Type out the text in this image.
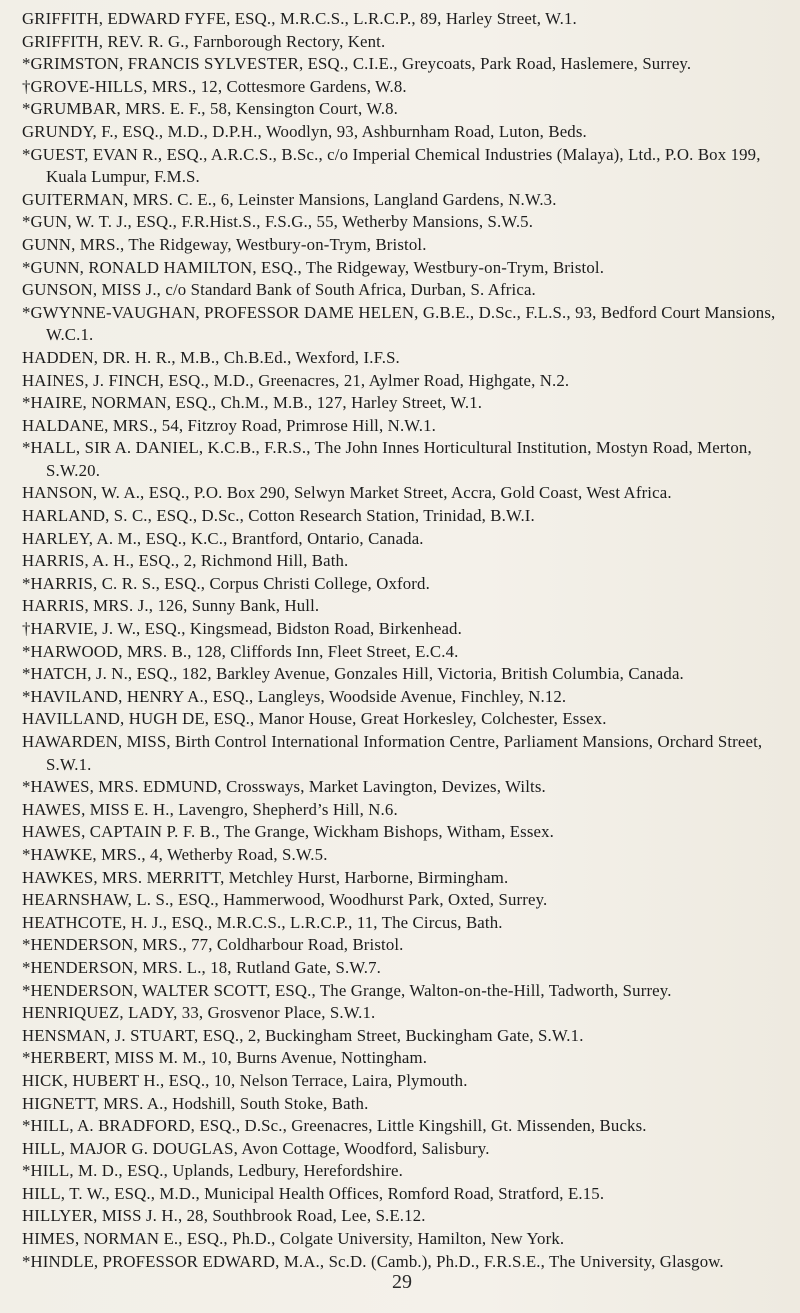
GRIFFITH, EDWARD FYFE, ESQ., M.R.C.S., L.R.C.P., 89, Harley Street, W.1.

GRIFFITH, REV. R. G., Farnborough Rectory, Kent.

*GRIMSTON, FRANCIS SYLVESTER, ESQ., C.I.E., Greycoats, Park Road, Haslemere, Surrey.

†GROVE-HILLS, MRS., 12, Cottesmore Gardens, W.8.

*GRUMBAR, MRS. E. F., 58, Kensington Court, W.8.

GRUNDY, F., ESQ., M.D., D.P.H., Woodlyn, 93, Ashburnham Road, Luton, Beds.

*GUEST, EVAN R., ESQ., A.R.C.S., B.Sc., c/o Imperial Chemical Industries (Malaya), Ltd., P.O. Box 199, Kuala Lumpur, F.M.S.

GUITERMAN, MRS. C. E., 6, Leinster Mansions, Langland Gardens, N.W.3.

*GUN, W. T. J., ESQ., F.R.Hist.S., F.S.G., 55, Wetherby Mansions, S.W.5.

GUNN, MRS., The Ridgeway, Westbury-on-Trym, Bristol.

*GUNN, RONALD HAMILTON, ESQ., The Ridgeway, Westbury-on-Trym, Bristol.

GUNSON, MISS J., c/o Standard Bank of South Africa, Durban, S. Africa.

*GWYNNE-VAUGHAN, PROFESSOR DAME HELEN, G.B.E., D.Sc., F.L.S., 93, Bedford Court Mansions, W.C.1.

HADDEN, DR. H. R., M.B., Ch.B.Ed., Wexford, I.F.S.

HAINES, J. FINCH, ESQ., M.D., Greenacres, 21, Aylmer Road, Highgate, N.2.

*HAIRE, NORMAN, ESQ., Ch.M., M.B., 127, Harley Street, W.1.

HALDANE, MRS., 54, Fitzroy Road, Primrose Hill, N.W.1.

*HALL, SIR A. DANIEL, K.C.B., F.R.S., The John Innes Horticultural Institution, Mostyn Road, Merton, S.W.20.

HANSON, W. A., ESQ., P.O. Box 290, Selwyn Market Street, Accra, Gold Coast, West Africa.

HARLAND, S. C., ESQ., D.Sc., Cotton Research Station, Trinidad, B.W.I.

HARLEY, A. M., ESQ., K.C., Brantford, Ontario, Canada.

HARRIS, A. H., ESQ., 2, Richmond Hill, Bath.

*HARRIS, C. R. S., ESQ., Corpus Christi College, Oxford.

HARRIS, MRS. J., 126, Sunny Bank, Hull.

†HARVIE, J. W., ESQ., Kingsmead, Bidston Road, Birkenhead.

*HARWOOD, MRS. B., 128, Cliffords Inn, Fleet Street, E.C.4.

*HATCH, J. N., ESQ., 182, Barkley Avenue, Gonzales Hill, Victoria, British Columbia, Canada.

*HAVILAND, HENRY A., ESQ., Langleys, Woodside Avenue, Finchley, N.12.

HAVILLAND, HUGH DE, ESQ., Manor House, Great Horkesley, Colchester, Essex.

HAWARDEN, MISS, Birth Control International Information Centre, Parliament Mansions, Orchard Street, S.W.1.

*HAWES, MRS. EDMUND, Crossways, Market Lavington, Devizes, Wilts.

HAWES, MISS E. H., Lavengro, Shepherd’s Hill, N.6.

HAWES, CAPTAIN P. F. B., The Grange, Wickham Bishops, Witham, Essex.

*HAWKE, MRS., 4, Wetherby Road, S.W.5.

HAWKES, MRS. MERRITT, Metchley Hurst, Harborne, Birmingham.

HEARNSHAW, L. S., ESQ., Hammerwood, Woodhurst Park, Oxted, Surrey.

HEATHCOTE, H. J., ESQ., M.R.C.S., L.R.C.P., 11, The Circus, Bath.

*HENDERSON, MRS., 77, Coldharbour Road, Bristol.

*HENDERSON, MRS. L., 18, Rutland Gate, S.W.7.

*HENDERSON, WALTER SCOTT, ESQ., The Grange, Walton-on-the-Hill, Tadworth, Surrey.

HENRIQUEZ, LADY, 33, Grosvenor Place, S.W.1.

HENSMAN, J. STUART, ESQ., 2, Buckingham Street, Buckingham Gate, S.W.1.

*HERBERT, MISS M. M., 10, Burns Avenue, Nottingham.

HICK, HUBERT H., ESQ., 10, Nelson Terrace, Laira, Plymouth.

HIGNETT, MRS. A., Hodshill, South Stoke, Bath.

*HILL, A. BRADFORD, ESQ., D.Sc., Greenacres, Little Kingshill, Gt. Missenden, Bucks.

HILL, MAJOR G. DOUGLAS, Avon Cottage, Woodford, Salisbury.

*HILL, M. D., ESQ., Uplands, Ledbury, Herefordshire.

HILL, T. W., ESQ., M.D., Municipal Health Offices, Romford Road, Stratford, E.15.

HILLYER, MISS J. H., 28, Southbrook Road, Lee, S.E.12.

HIMES, NORMAN E., ESQ., Ph.D., Colgate University, Hamilton, New York.

*HINDLE, PROFESSOR EDWARD, M.A., Sc.D. (Camb.), Ph.D., F.R.S.E., The University, Glasgow.

29
